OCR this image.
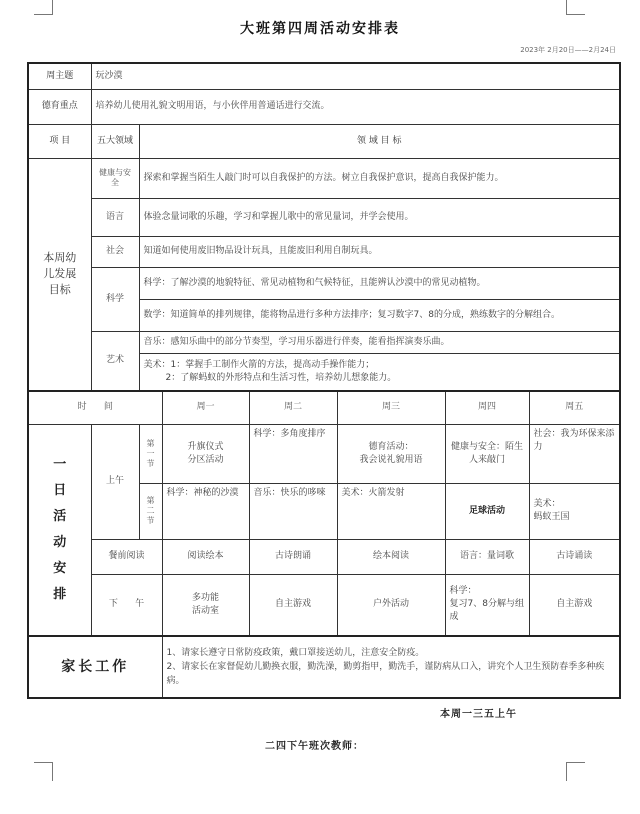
大班第四周活动安排表
2023年 2月20日——2月24日
周主题	玩沙漠	
德育重点	培养幼儿使用礼貌文明用语，与小伙伴用普通话进行交流。	
项 目	五大领域	领 域 目 标
本周幼儿发展目标	健康与安全	探索和掌握当陌生人敲门时可以自我保护的方法。树立自我保护意识，提高自我保护能力。
	语言	体验念量词歌的乐趣，学习和掌握儿歌中的常见量词，并学会使用。
	社会	知道如何使用废旧物品设计玩具，且能废旧利用自制玩具。
	科学	科学：了解沙漠的地貌特征、常见动植物和气候特征，且能辨认沙漠中的常见动植物。
		数学：知道简单的排列规律，能将物品进行多种方法排序；复习数字7、8的分成，熟练数字的分解组合。
	艺术	音乐：感知乐曲中的部分节奏型，学习用乐器进行伴奏，能看指挥演奏乐曲。

		美术：1：掌握手工制作火箭的方法，提高动手操作能力；
2：了解蚂蚁的外形特点和生活习性，培养幼儿想象能力。
时      间			周一	周二	周三	周四	周五
一日活动安排	上午	第一节	升旗仪式
分区活动	科学：多角度排序	德育活动：
我会说礼貌用语	健康与安全：陌生人来敲门	社会：我为环保来添力
		第二节	科学：神秘的沙漠	音乐：快乐的哆唻	美术：火箭发射	足球活动	美术：
蚂蚁王国
	餐前阅读		阅读绘本	古诗朗诵	绘本阅读	语言：量词歌	古诗诵读
	下      午		多功能
活动室	自主游戏	户外活动	科学：
复习7、8分解与组成	自主游戏
家长工作	
1、请家长遵守日常防疫政策，戴口罩接送幼儿，注意安全防疫。
2、请家长在家督促幼儿勤换衣服，勤洗澡，勤剪指甲，勤洗手，谨防病从口入，讲究个人卫生预防春季多种疾病。
本周一三五上午
二四下午班次教师：
